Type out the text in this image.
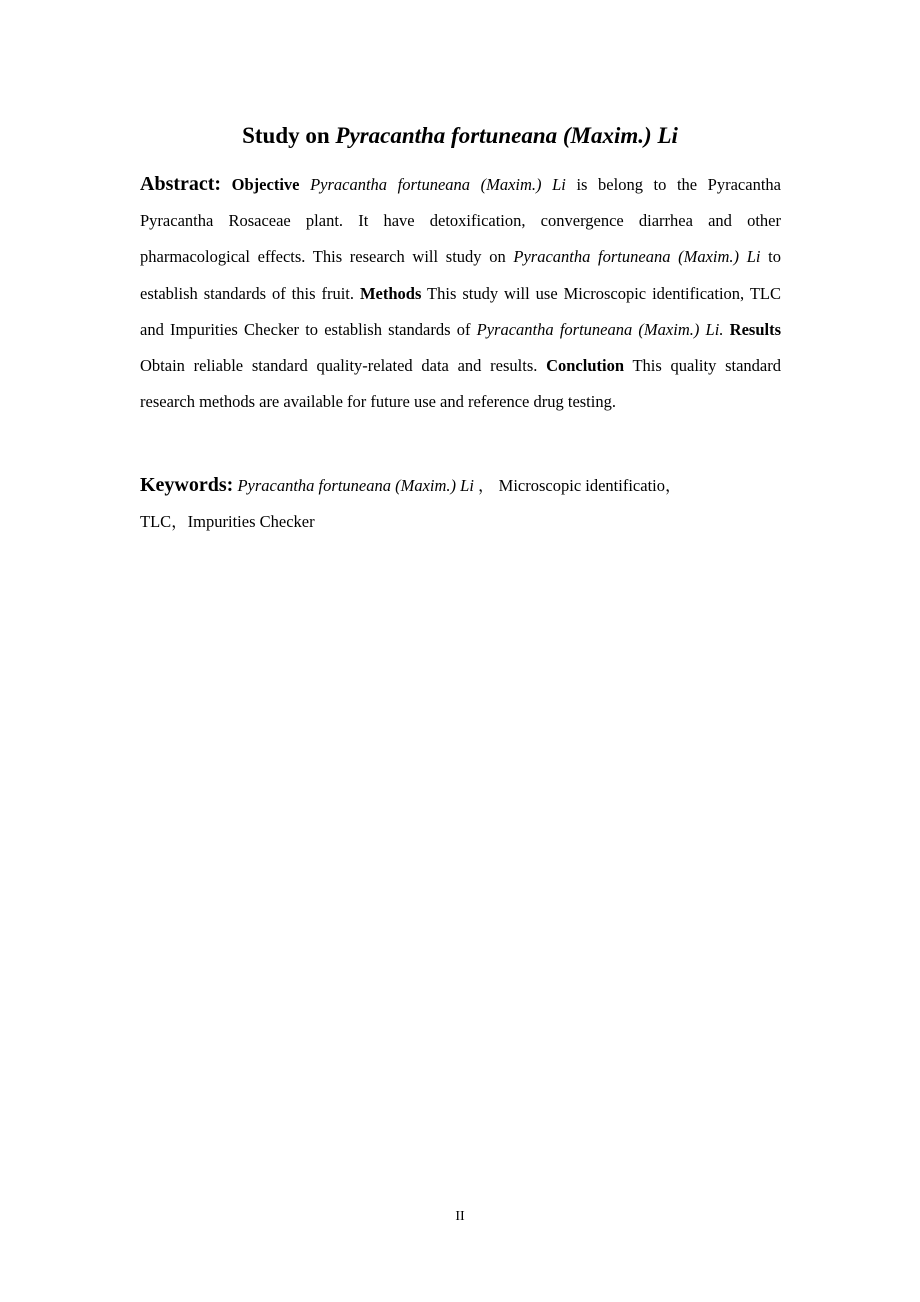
Study on Pyracantha fortuneana (Maxim.) Li

Abstract: Objective Pyracantha fortuneana (Maxim.) Li is belong to the Pyracantha Pyracantha Rosaceae plant. It have detoxification, convergence diarrhea and other pharmacological effects. This research will study on Pyracantha fortuneana (Maxim.) Li to establish standards of this fruit. Methods This study will use Microscopic identification, TLC and Impurities Checker to establish standards of Pyracantha fortuneana (Maxim.) Li. Results Obtain reliable standard quality-related data and results. Conclution This quality standard research methods are available for future use and reference drug testing.

Keywords: Pyracantha fortuneana (Maxim.) Li ， Microscopic identificatio，
TLC，Impurities Checker

II
